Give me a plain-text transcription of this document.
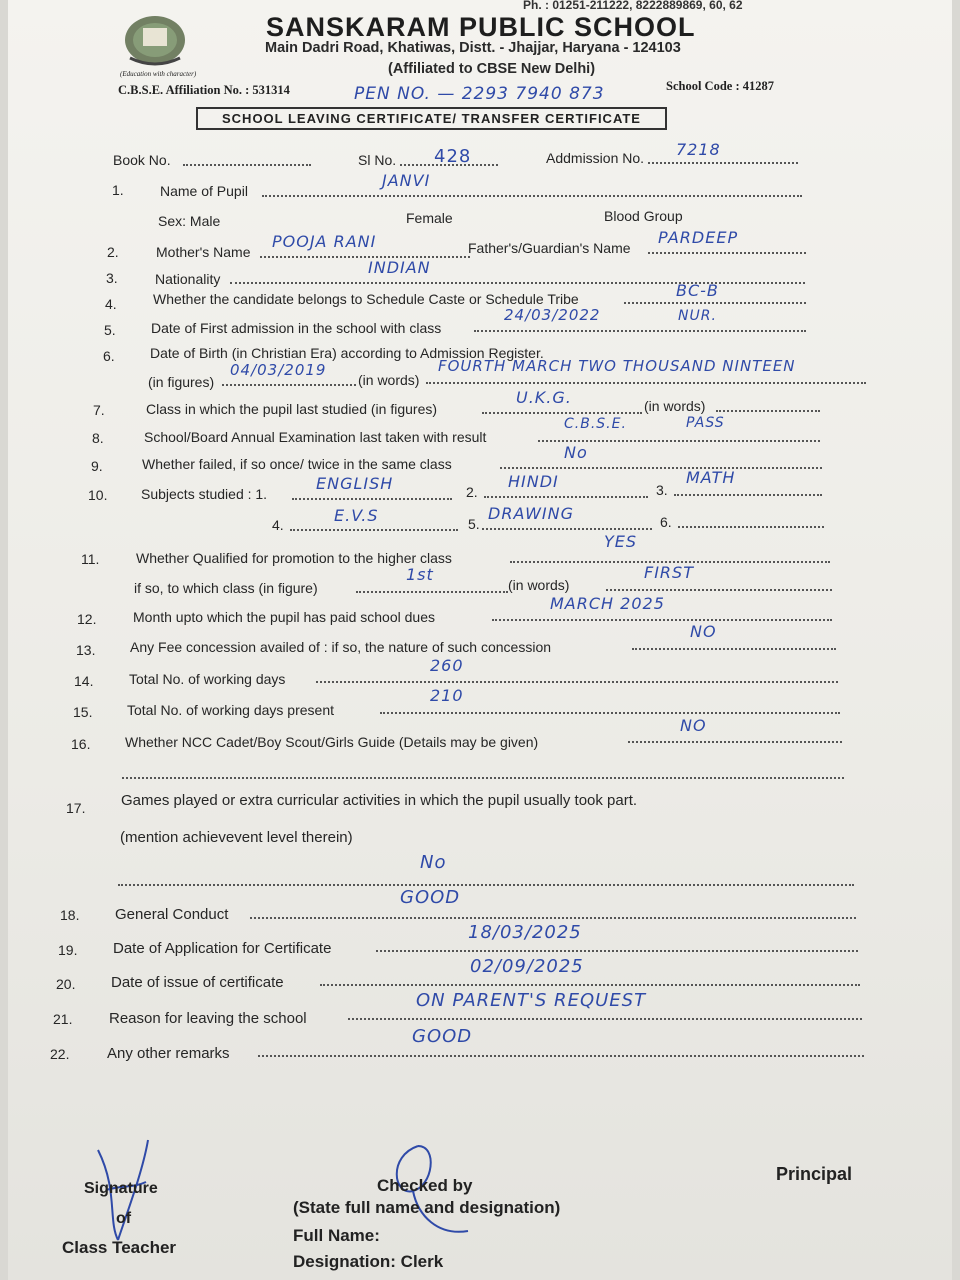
(Education with character)
Ph. : 01251-211222, 8222889869, 60, 62
SANSKARAM PUBLIC SCHOOL
Main Dadri Road, Khatiwas, Distt. - Jhajjar, Haryana - 124103
(Affiliated to CBSE New Delhi)
C.B.S.E. Affiliation No. : 531314	PEN NO. — 2293 7940 873	School Code : 41287
SCHOOL LEAVING CERTIFICATE/ TRANSFER CERTIFICATE
Book No.	Sl No. 428	Addmission No. 7218
1.	Name of Pupil
JANVI
Sex: Male	Female	Blood Group
2.	Mother's Name
POOJA RANI	Father's/Guardian's Name
PARDEEP
3.	Nationality
INDIAN
4.	Whether the candidate belongs to Schedule Caste or Schedule Tribe	BC-B
5.	Date of First admission in the school with class
24/03/2022	NUR.
6.	Date of Birth (in Christian Era) according to Admission Register.
(in figures)
04/03/2019
(in words)
FOURTH MARCH TWO THOUSAND NINTEEN
7.	Class in which the pupil last studied (in figures)
U.K.G.	(in words)
8.	School/Board Annual Examination last taken with result
C.B.S.E.	PASS
9.	Whether failed, if so once/ twice in the same class
No
10. Subjects studied : 1.
ENGLISH	2.
HINDI	3.
MATH
4.	E.V.S	5.
DRAWING	6.
11.	Whether Qualified for promotion to the higher class
YES
if so, to which class (in figure)
1st
(in words)
FIRST
12.	Month upto which the pupil has paid school dues
MARCH 2025
13. Any Fee concession availed of : if so, the nature of such concession
NO
14.	Total No. of working days
260
15. Total No. of working days present
210
16. Whether NCC Cadet/Boy Scout/Girls Guide (Details may be given)
NO
17. Games played or extra curricular activities in which the pupil usually took part.
(mention achievevent level therein)
No
18. General Conduct
GOOD
19. Date of Application for Certificate
18/03/2025
20. Date of issue of certificate
02/09/2025
21. Reason for leaving the school
ON PARENT'S REQUEST
22.	Any other remarks
GOOD
Signature
of
Class Teacher
Checked by
(State full name and designation)
Full Name:
Designation: Clerk
Principal
